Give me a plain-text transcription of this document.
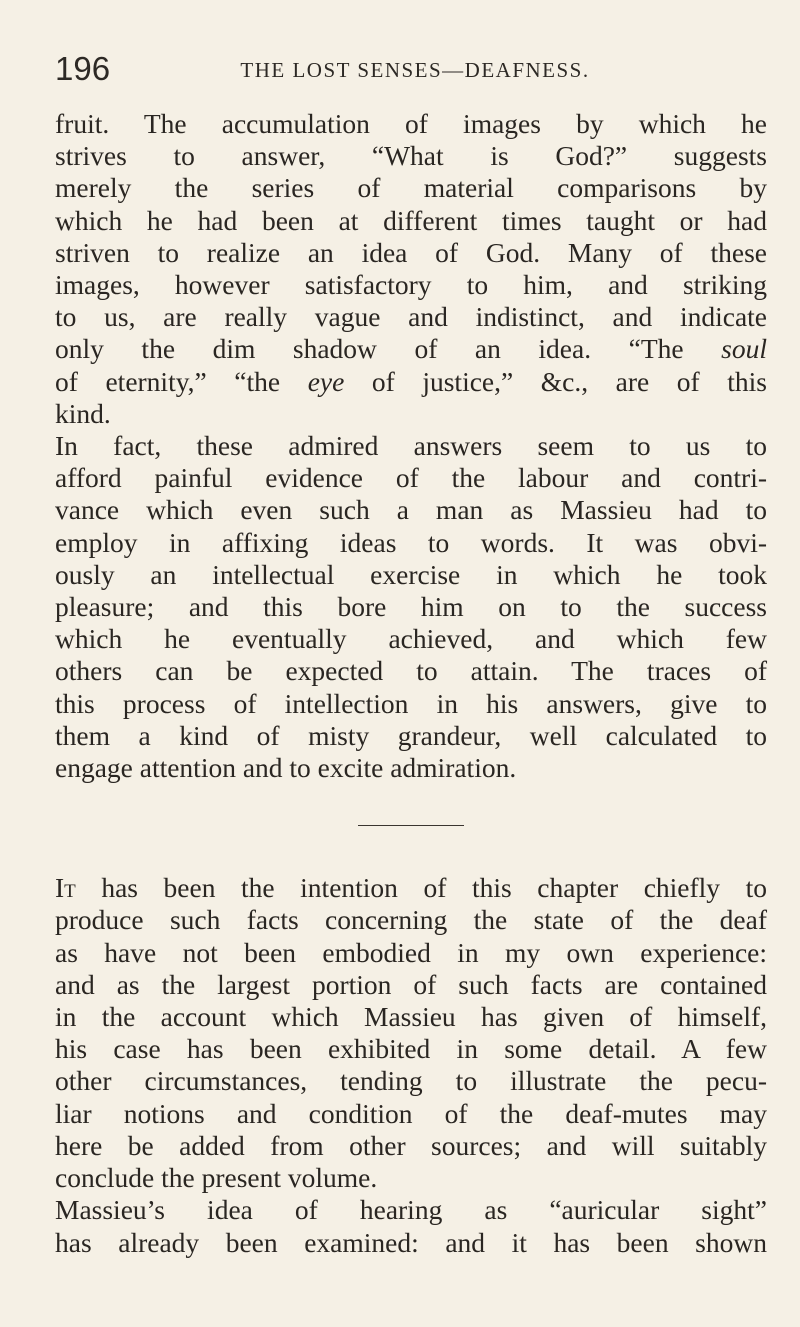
196	THE LOST SENSES—DEAFNESS.
fruit. The accumulation of images by which he
strives to answer, “What is God?” suggests
merely the series of material comparisons by
which he had been at different times taught or had
striven to realize an idea of God. Many of these
images, however satisfactory to him, and striking
to us, are really vague and indistinct, and indicate
only the dim shadow of an idea. “The soul
of eternity,” “the eye of justice,” &c., are of this
kind.
In fact, these admired answers seem to us to
afford painful evidence of the labour and contri-
vance which even such a man as Massieu had to
employ in affixing ideas to words. It was obvi-
ously an intellectual exercise in which he took
pleasure; and this bore him on to the success
which he eventually achieved, and which few
others can be expected to attain. The traces of
this process of intellection in his answers, give to
them a kind of misty grandeur, well calculated to
engage attention and to excite admiration.
It has been the intention of this chapter chiefly to
produce such facts concerning the state of the deaf
as have not been embodied in my own experience:
and as the largest portion of such facts are contained
in the account which Massieu has given of himself,
his case has been exhibited in some detail. A few
other circumstances, tending to illustrate the pecu-
liar notions and condition of the deaf-mutes may
here be added from other sources; and will suitably
conclude the present volume.
Massieu’s idea of hearing as “auricular sight”
has already been examined: and it has been shown
